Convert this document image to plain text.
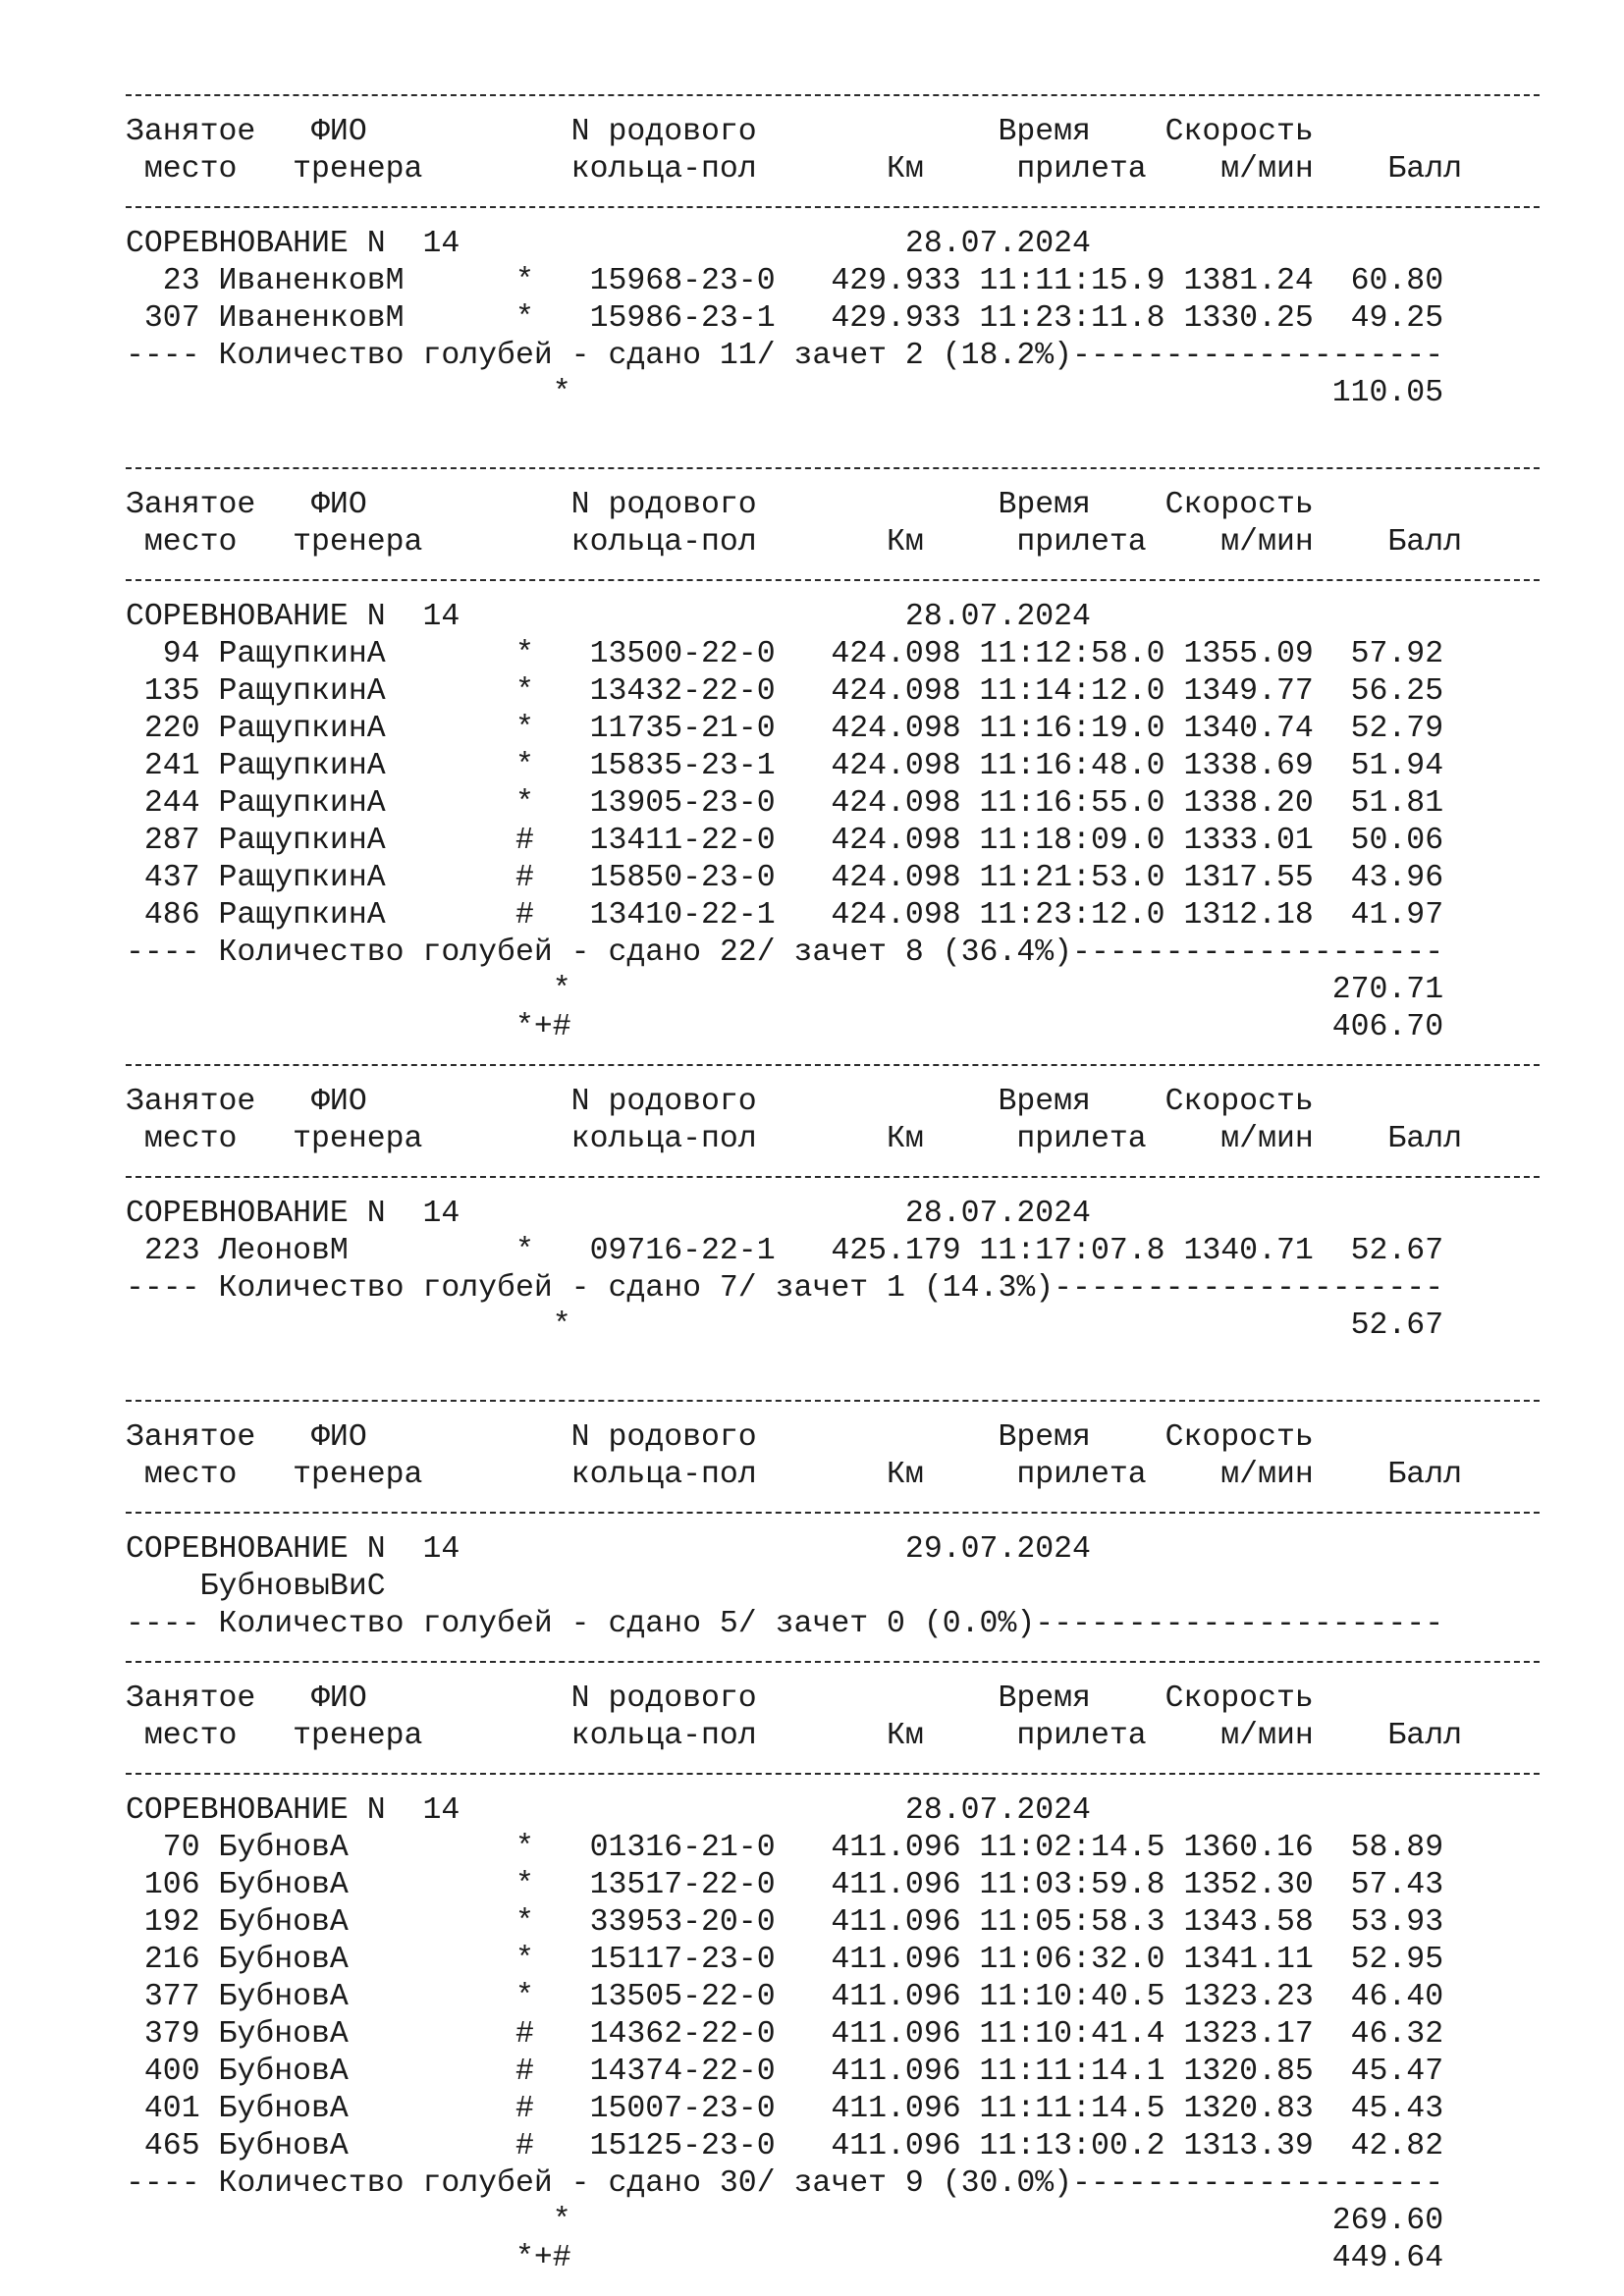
Занятое   ФИО           N родового             Время    Скорость
место   тренера        кольца-пол       Км     прилета    м/мин    Балл
СОРЕВНОВАНИЕ N  14                        28.07.2024
23 ИваненковМ      *   15968-23-0   429.933 11:11:15.9 1381.24  60.80
307 ИваненковМ      *   15986-23-1   429.933 11:23:11.8 1330.25  49.25
---- Количество голубей - сдано 11/ зачет 2 (18.2%)--------------------
*                                         110.05
Занятое   ФИО           N родового             Время    Скорость
место   тренера        кольца-пол       Км     прилета    м/мин    Балл
СОРЕВНОВАНИЕ N  14                        28.07.2024
94 РащупкинА       *   13500-22-0   424.098 11:12:58.0 1355.09  57.92
135 РащупкинА       *   13432-22-0   424.098 11:14:12.0 1349.77  56.25
220 РащупкинА       *   11735-21-0   424.098 11:16:19.0 1340.74  52.79
241 РащупкинА       *   15835-23-1   424.098 11:16:48.0 1338.69  51.94
244 РащупкинА       *   13905-23-0   424.098 11:16:55.0 1338.20  51.81
287 РащупкинА       #   13411-22-0   424.098 11:18:09.0 1333.01  50.06
437 РащупкинА       #   15850-23-0   424.098 11:21:53.0 1317.55  43.96
486 РащупкинА       #   13410-22-1   424.098 11:23:12.0 1312.18  41.97
---- Количество голубей - сдано 22/ зачет 8 (36.4%)--------------------
*                                         270.71
*+#                                         406.70
Занятое   ФИО           N родового             Время    Скорость
место   тренера        кольца-пол       Км     прилета    м/мин    Балл
СОРЕВНОВАНИЕ N  14                        28.07.2024
223 ЛеоновМ         *   09716-22-1   425.179 11:17:07.8 1340.71  52.67
---- Количество голубей - сдано 7/ зачет 1 (14.3%)---------------------
*                                          52.67
Занятое   ФИО           N родового             Время    Скорость
место   тренера        кольца-пол       Км     прилета    м/мин    Балл
СОРЕВНОВАНИЕ N  14                        29.07.2024
БубновыВиС
---- Количество голубей - сдано 5/ зачет 0 (0.0%)----------------------
Занятое   ФИО           N родового             Время    Скорость
место   тренера        кольца-пол       Км     прилета    м/мин    Балл
СОРЕВНОВАНИЕ N  14                        28.07.2024
70 БубновА         *   01316-21-0   411.096 11:02:14.5 1360.16  58.89
106 БубновА         *   13517-22-0   411.096 11:03:59.8 1352.30  57.43
192 БубновА         *   33953-20-0   411.096 11:05:58.3 1343.58  53.93
216 БубновА         *   15117-23-0   411.096 11:06:32.0 1341.11  52.95
377 БубновА         *   13505-22-0   411.096 11:10:40.5 1323.23  46.40
379 БубновА         #   14362-22-0   411.096 11:10:41.4 1323.17  46.32
400 БубновА         #   14374-22-0   411.096 11:11:14.1 1320.85  45.47
401 БубновА         #   15007-23-0   411.096 11:11:14.5 1320.83  45.43
465 БубновА         #   15125-23-0   411.096 11:13:00.2 1313.39  42.82
---- Количество голубей - сдано 30/ зачет 9 (30.0%)--------------------
*                                         269.60
*+#                                         449.64
